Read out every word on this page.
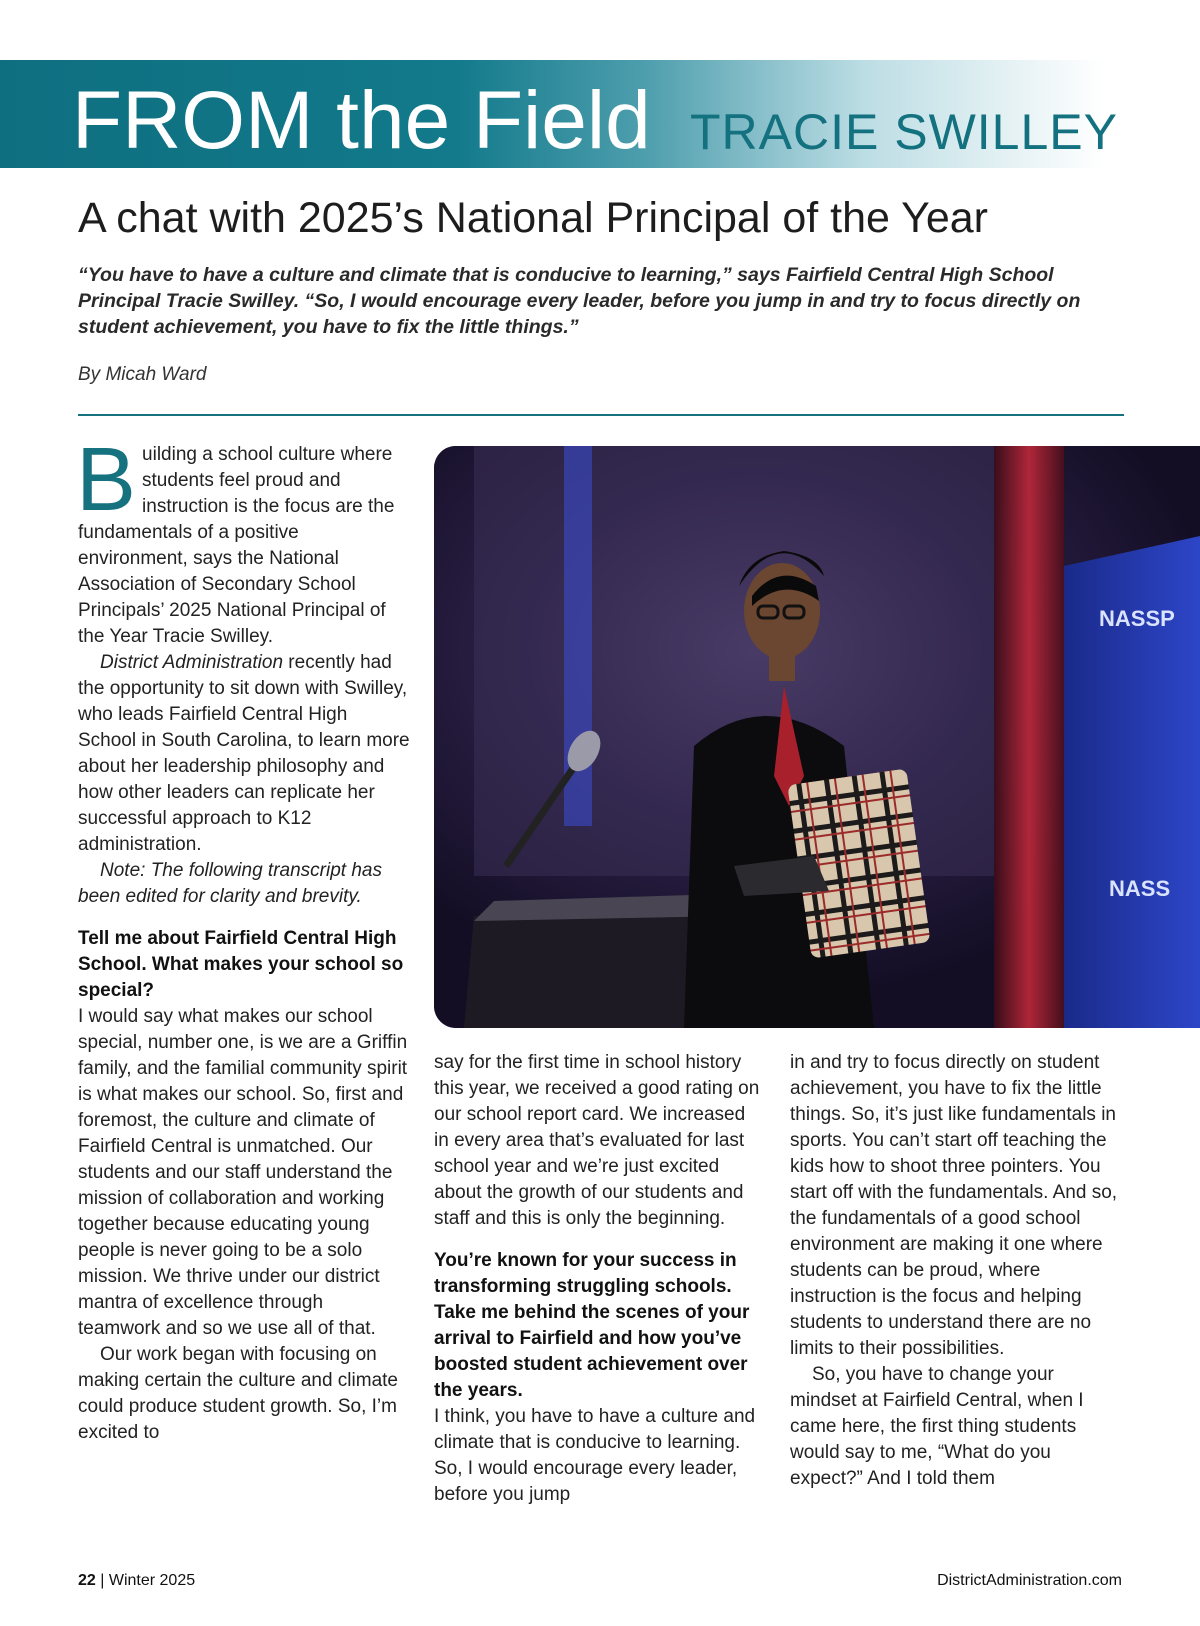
FROM the Field TRACIE SWILLEY
A chat with 2025’s National Principal of the Year

“You have to have a culture and climate that is conducive to learning,” says Fairfield Central High School Principal Tracie Swilley. “So, I would encourage every leader, before you jump in and try to focus directly on student achievement, you have to fix the little things.”

By Micah Ward

Building a school culture where students feel proud and instruction is the focus are the fundamentals of a positive environment, says the National Association of Secondary School Principals’ 2025 National Principal of the Year Tracie Swilley.

District Administration recently had the opportunity to sit down with Swilley, who leads Fairfield Central High School in South Carolina, to learn more about her leadership philosophy and how other leaders can replicate her successful approach to K12 administration.

Note: The following transcript has been edited for clarity and brevity.

Tell me about Fairfield Central High School. What makes your school so special?

I would say what makes our school special, number one, is we are a Griffin family, and the familial community spirit is what makes our school. So, first and foremost, the culture and climate of Fairfield Central is unmatched. Our students and our staff understand the mission of collaboration and working together because educating young people is never going to be a solo mission. We thrive under our district mantra of excellence through teamwork and so we use all of that.

Our work began with focusing on making certain the culture and climate could produce student growth. So, I’m excited to

NASSP
NASS

say for the first time in school history this year, we received a good rating on our school report card. We increased in every area that’s evaluated for last school year and we’re just excited about the growth of our students and staff and this is only the beginning.

You’re known for your success in transforming struggling schools. Take me behind the scenes of your arrival to Fairfield and how you’ve boosted student achievement over the years.

I think, you have to have a culture and climate that is conducive to learning. So, I would encourage every leader, before you jump

in and try to focus directly on student achievement, you have to fix the little things. So, it’s just like fundamentals in sports. You can’t start off teaching the kids how to shoot three pointers. You start off with the fundamentals. And so, the fundamentals of a good school environment are making it one where students can be proud, where instruction is the focus and helping students to understand there are no limits to their possibilities.

So, you have to change your mindset at Fairfield Central, when I came here, the first thing students would say to me, “What do you expect?” And I told them

22 | Winter 2025	DistrictAdministration.com
